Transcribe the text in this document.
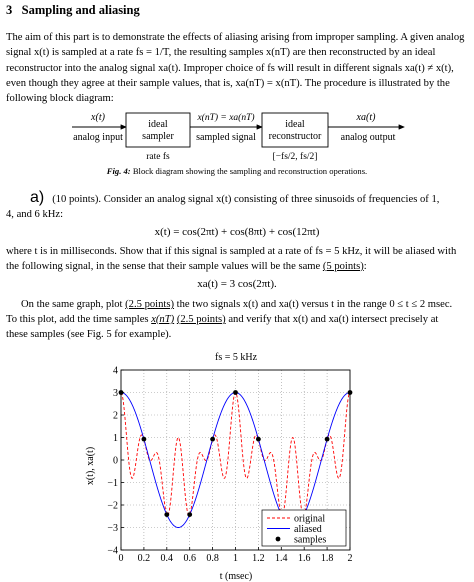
3 Sampling and aliasing
The aim of this part is to demonstrate the effects of aliasing arising from improper sampling. A given analog
signal x(t) is sampled at a rate fs = 1/T, the resulting samples x(nT) are then reconstructed by an ideal
reconstructor into the analog signal xa(t). Improper choice of fs will result in different signals xa(t) ≠ x(t),
even though they agree at their sample values, that is, xa(nT) = x(nT). The procedure is illustrated by the
following block diagram:
x(t)
analog input
ideal
sampler
rate fs
x(nT) = xa(nT)
sampled signal
ideal
reconstructor
[−fs/2, fs/2]
xa(t)
analog output
Fig. 4: Block diagram showing the sampling and reconstruction operations.
a) (10 points). Consider an analog signal x(t) consisting of three sinusoids of frequencies of 1,
4, and 6 kHz:
x(t) = cos(2πt) + cos(8πt) + cos(12πt)
where t is in milliseconds. Show that if this signal is sampled at a rate of fs = 5 kHz, it will be aliased with
the following signal, in the sense that their sample values will be the same (5 points):
xa(t) = 3 cos(2πt).
On the same graph, plot (2.5 points) the two signals x(t) and xa(t) versus t in the range 0 ≤ t ≤ 2 msec.
To this plot, add the time samples x(nT) (2.5 points) and verify that x(t) and xa(t) intersect precisely at
these samples (see Fig. 5 for example).
fs = 5 kHz
t (msec)
x(t), xa(t)
0 0.2 0.4 0.6 0.8 1 1.2 1.4 1.6 1.8 2
−4
−3
−2
−1
0
1
2
3
4
original
aliased
samples
